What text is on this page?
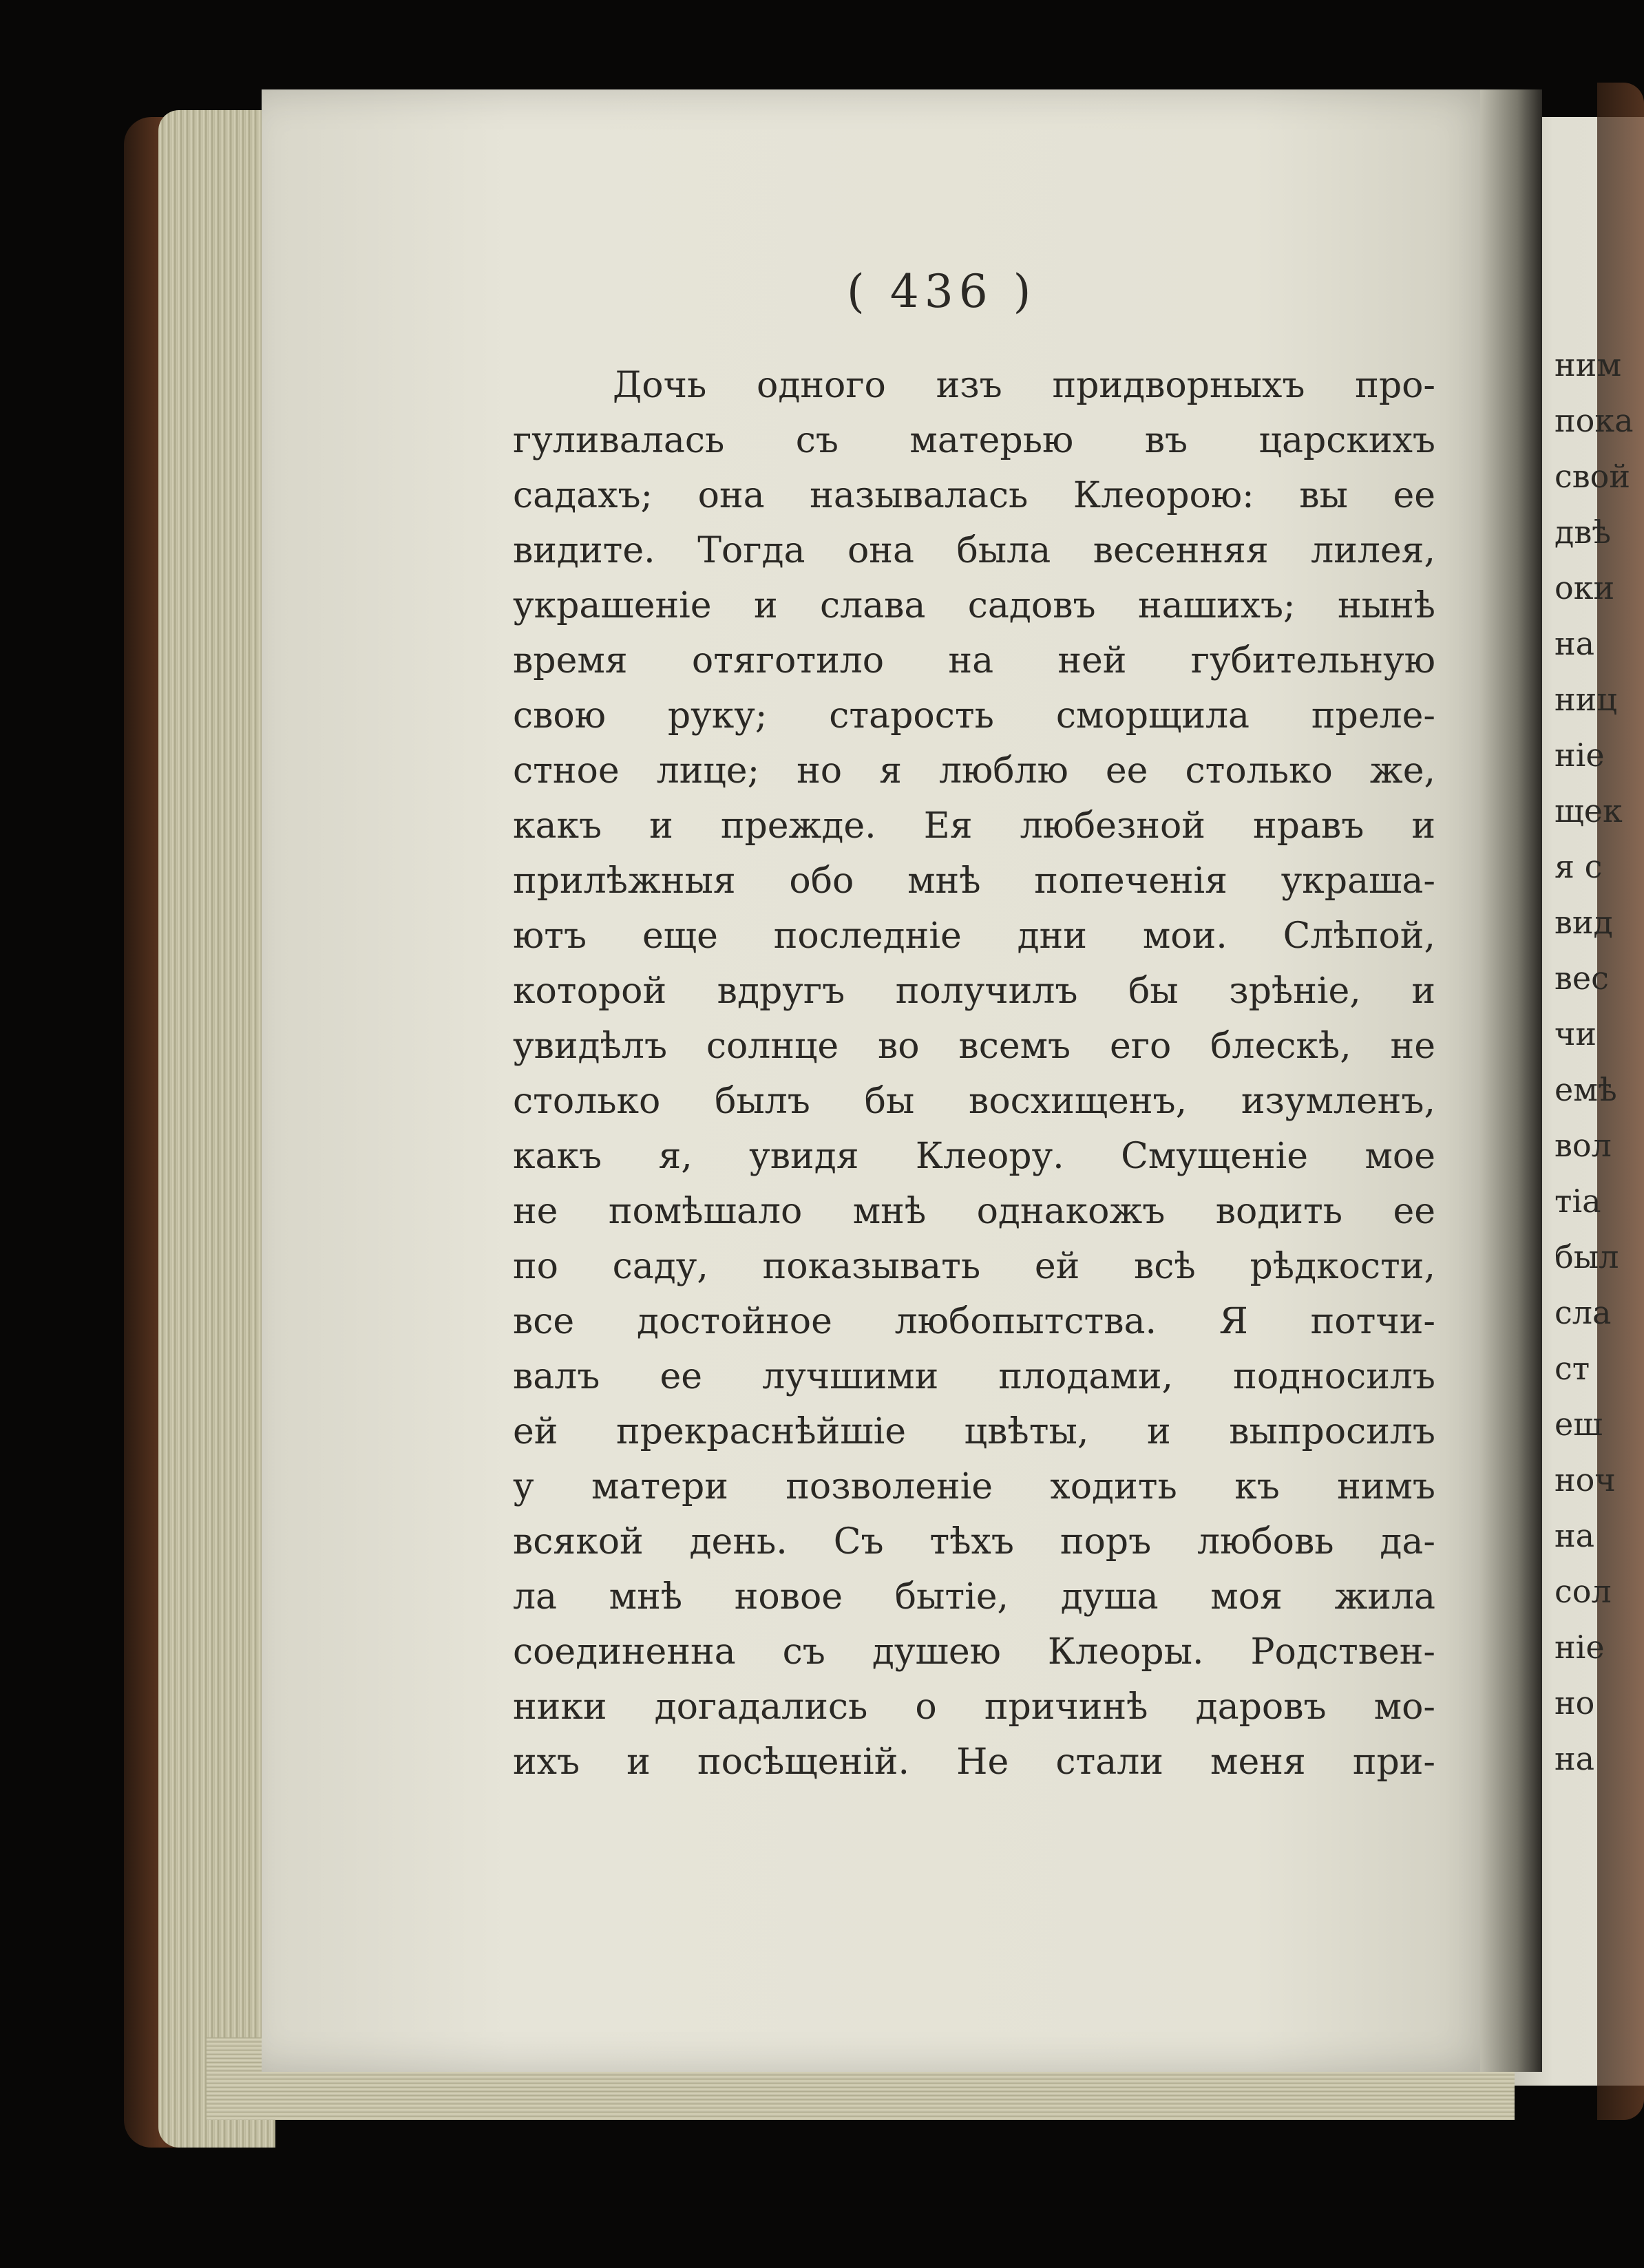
( 436 )
Дочь одного изъ придворныхъ про-
гуливалась съ матерью въ царскихъ
садахъ; она называлась Клеорою: вы ее
видите. Тогда она была весенняя лилея,
украшеніе и слава садовъ нашихъ; нынѣ
время отяготило на ней губительную
свою руку; старость сморщила преле-
стное лице; но я люблю ее столько же,
какъ и прежде. Ея любезной нравъ и
прилѣжныя обо мнѣ попеченія украша-
ютъ еще последніе дни мои. Слѣпой,
которой вдругъ получилъ бы зрѣніе, и
увидѣлъ солнце во всемъ его блескѣ, не
столько былъ бы восхищенъ, изумленъ,
какъ я, увидя Клеору. Смущеніе мое
не помѣшало мнѣ однакожъ водить ее
по саду, показывать ей всѣ рѣдкости,
все достойное любопытства. Я потчи-
валъ ее лучшими плодами, подносилъ
ей прекраснѣйшіе цвѣты, и выпросилъ
у матери позволеніе ходить къ нимъ
всякой день. Съ тѣхъ поръ любовь да-
ла мнѣ новое бытіе, душа моя жила
соединенна съ душею Клеоры. Родствен-
ники догадались о причинѣ даровъ мо-
ихъ и посѣщеній. Не стали меня при-
ним
пока
свой
двѣ
оки
на
ниц
ніе
щек
я с
вид
вес
чи
емѣ
вол
тіа
был
сла
ст
еш
ноч
на
сол
ніе
но
на
